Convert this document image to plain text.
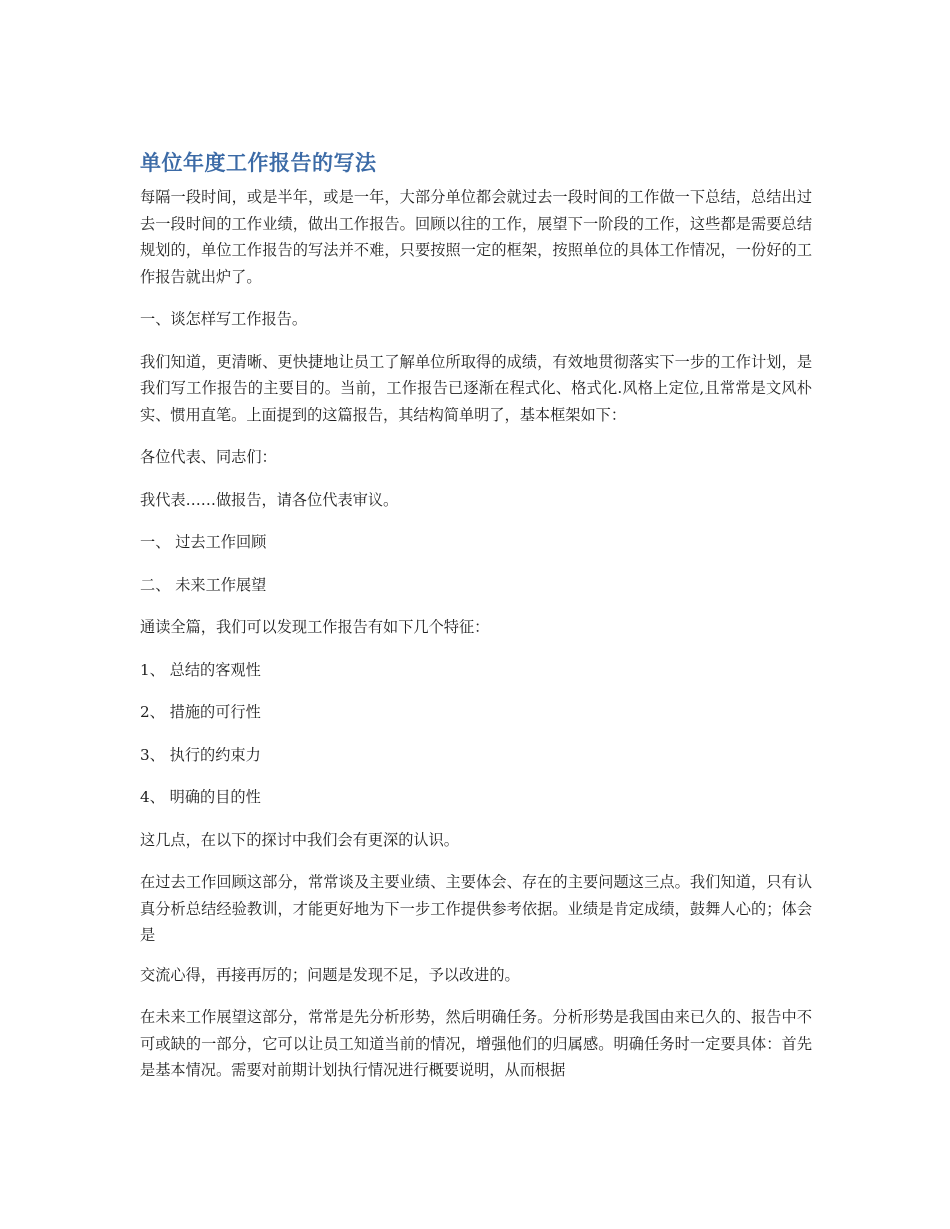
单位年度工作报告的写法

每隔一段时间，或是半年，或是一年，大部分单位都会就过去一段时间的工作做一下总结，总结出过去一段时间的工作业绩，做出工作报告。回顾以往的工作，展望下一阶段的工作，这些都是需要总结规划的，单位工作报告的写法并不难，只要按照一定的框架，按照单位的具体工作情况，一份好的工作报告就出炉了。

一、谈怎样写工作报告。

我们知道，更清晰、更快捷地让员工了解单位所取得的成绩，有效地贯彻落实下一步的工作计划，是我们写工作报告的主要目的。当前，工作报告已逐渐在程式化、格式化.风格上定位,且常常是文风朴实、惯用直笔。上面提到的这篇报告，其结构简单明了，基本框架如下：

各位代表、同志们：

我代表……做报告，请各位代表审议。

一、 过去工作回顾

二、 未来工作展望

通读全篇，我们可以发现工作报告有如下几个特征：

1、 总结的客观性

2、 措施的可行性

3、 执行的约束力

4、 明确的目的性

这几点，在以下的探讨中我们会有更深的认识。

在过去工作回顾这部分，常常谈及主要业绩、主要体会、存在的主要问题这三点。我们知道，只有认真分析总结经验教训，才能更好地为下一步工作提供参考依据。业绩是肯定成绩，鼓舞人心的；体会是

交流心得，再接再厉的；问题是发现不足，予以改进的。

在未来工作展望这部分，常常是先分析形势，然后明确任务。分析形势是我国由来已久的、报告中不可或缺的一部分，它可以让员工知道当前的情况，增强他们的归属感。明确任务时一定要具体：首先是基本情况。需要对前期计划执行情况进行概要说明，从而根据
